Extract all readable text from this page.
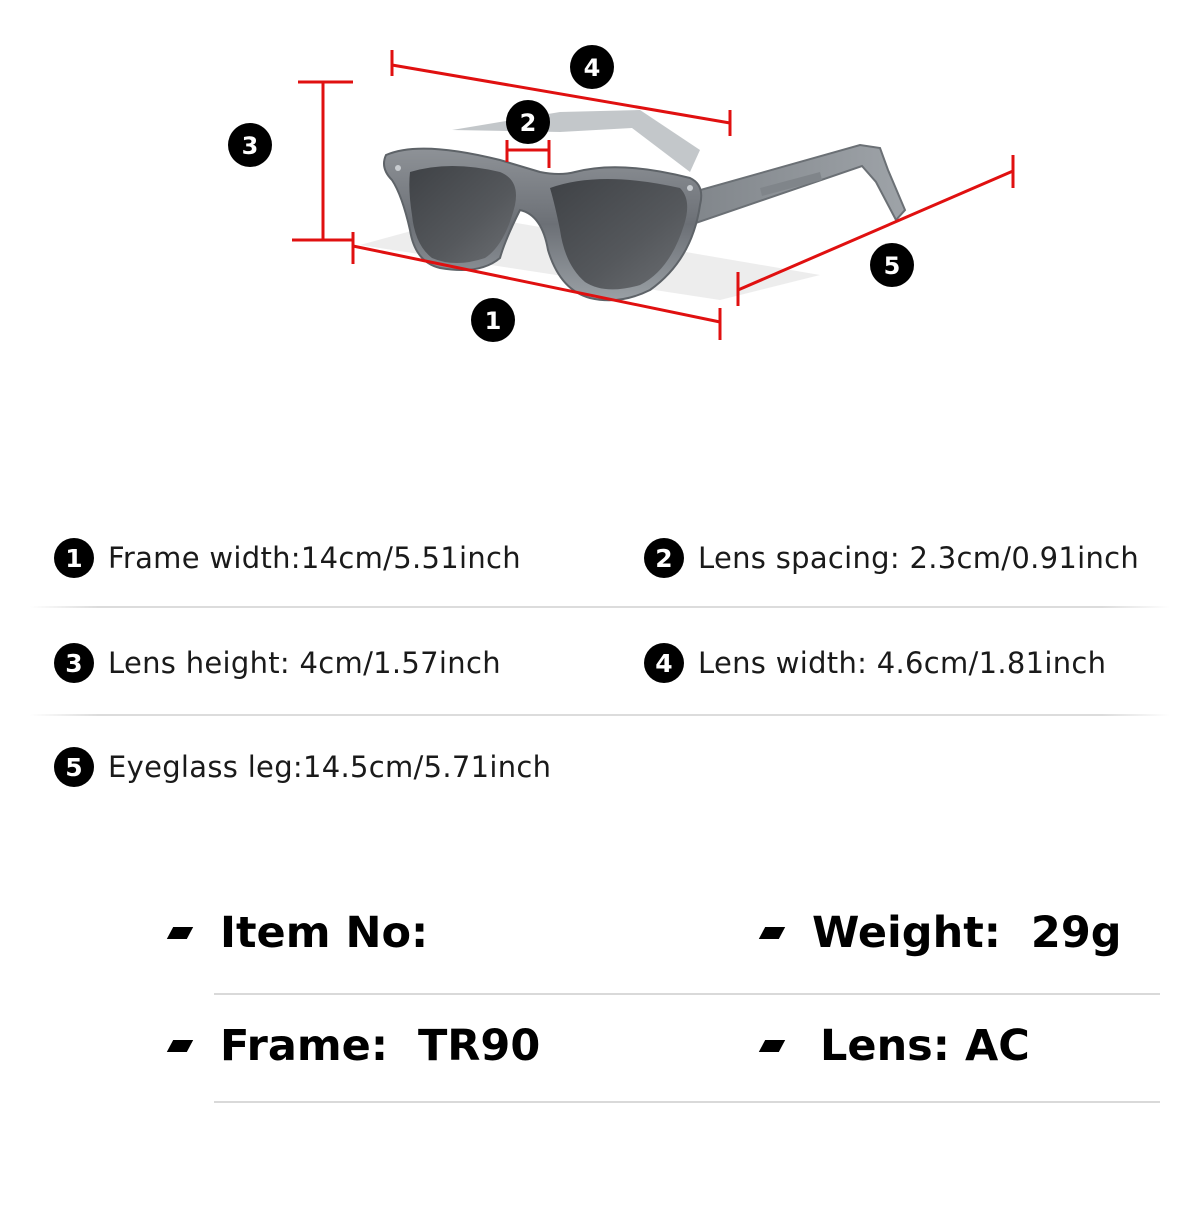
4
2
3
1
5
1 Frame width:14cm/5.51inch	2 Lens spacing: 2.3cm/0.91inch
3 Lens height: 4cm/1.57inch	4 Lens width: 4.6cm/1.81inch
5 Eyeglass leg:14.5cm/5.71inch
Item No:	Weight: 29g
Frame: TR90	Lens: AC
